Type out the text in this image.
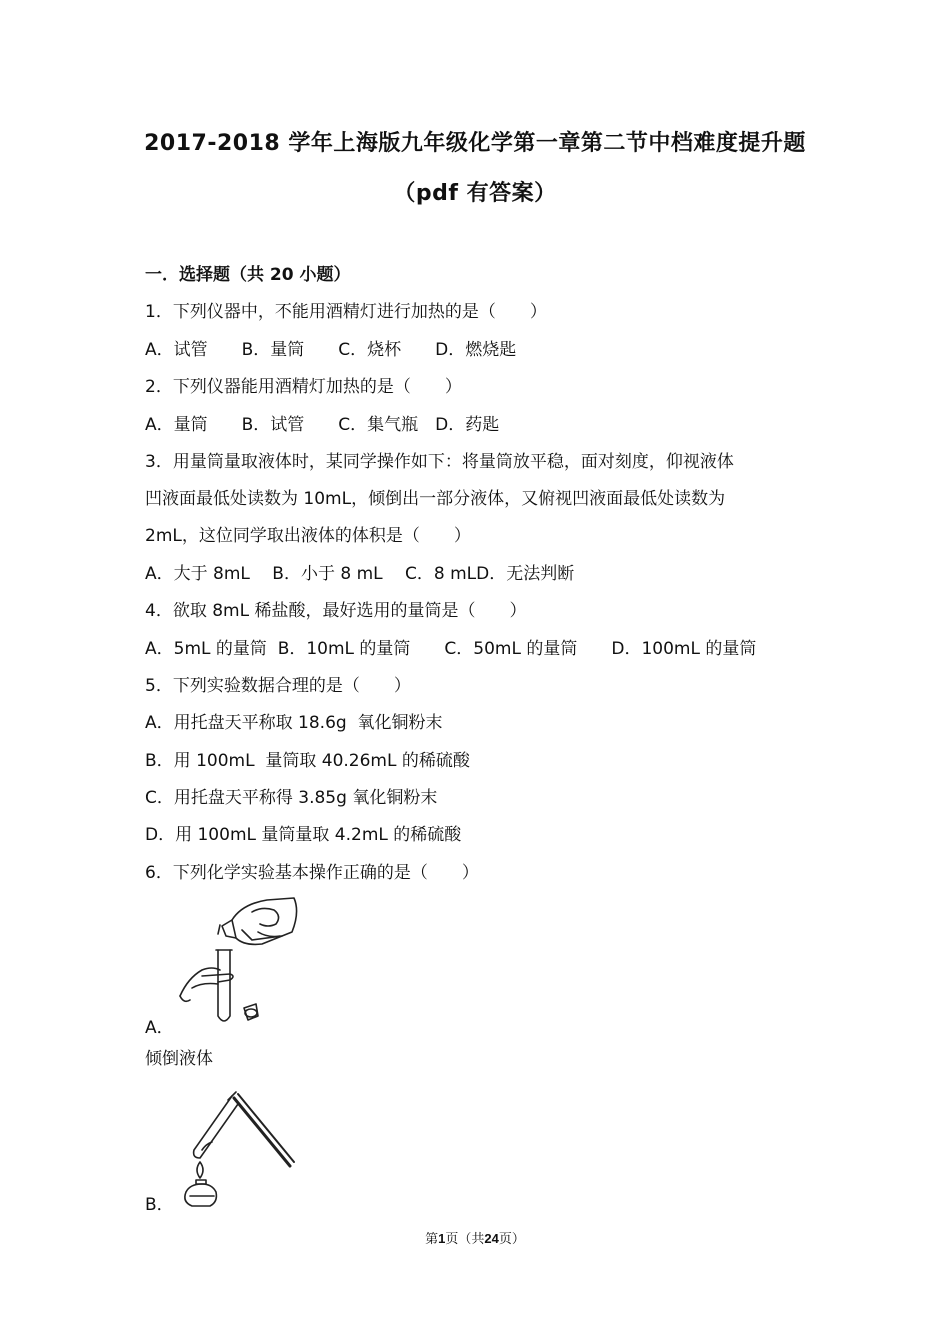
2017-2018 学年上海版九年级化学第一章第二节中档难度提升题
（pdf 有答案）
一．选择题（共 20 小题）
1．下列仪器中，不能用酒精灯进行加热的是（　　）
A．试管　　B．量筒　　C．烧杯　　D．燃烧匙
2．下列仪器能用酒精灯加热的是（　　）
A．量筒　　B．试管　　C．集气瓶　D．药匙
3．用量筒量取液体时，某同学操作如下：将量筒放平稳，面对刻度，仰视液体
凹液面最低处读数为 10mL，倾倒出一部分液体，又俯视凹液面最低处读数为
2mL，这位同学取出液体的体积是（　　）
A．大于 8mL　 B．小于 8 mL　 C．8 mLD．无法判断
4．欲取 8mL 稀盐酸，最好选用的量筒是（　　）
A．5mL 的量筒  B．10mL 的量筒　　C．50mL 的量筒　　D．100mL 的量筒
5．下列实验数据合理的是（　　）
A．用托盘天平称取 18.6g  氧化铜粉末
B．用 100mL  量筒取 40.26mL 的稀硫酸
C．用托盘天平称得 3.85g 氧化铜粉末
D．用 100mL 量筒量取 4.2mL 的稀硫酸
6．下列化学实验基本操作正确的是（　　）
A．
倾倒液体
B．
第1页（共24页）
